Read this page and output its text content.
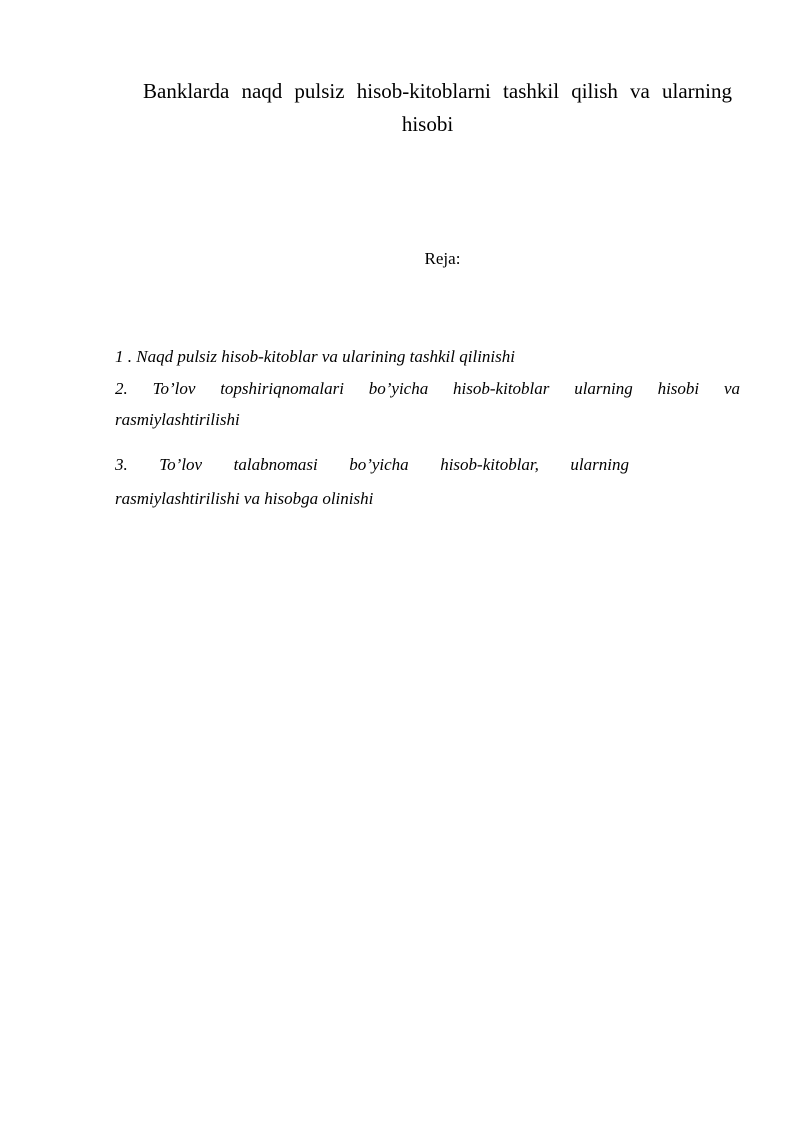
Banklarda naqd pulsiz hisob-kitoblarni tashkil qilish va ularning
hisobi
Reja:
1 . Naqd pulsiz hisob-kitoblar va ularining tashkil qilinishi
2. To’lov topshiriqnomalari bo’yicha hisob-kitoblar ularning hisobi va
rasmiylashtirilishi
3. To’lov talabnomasi bo’yicha hisob-kitoblar, ularning
rasmiylashtirilishi va hisobga olinishi
